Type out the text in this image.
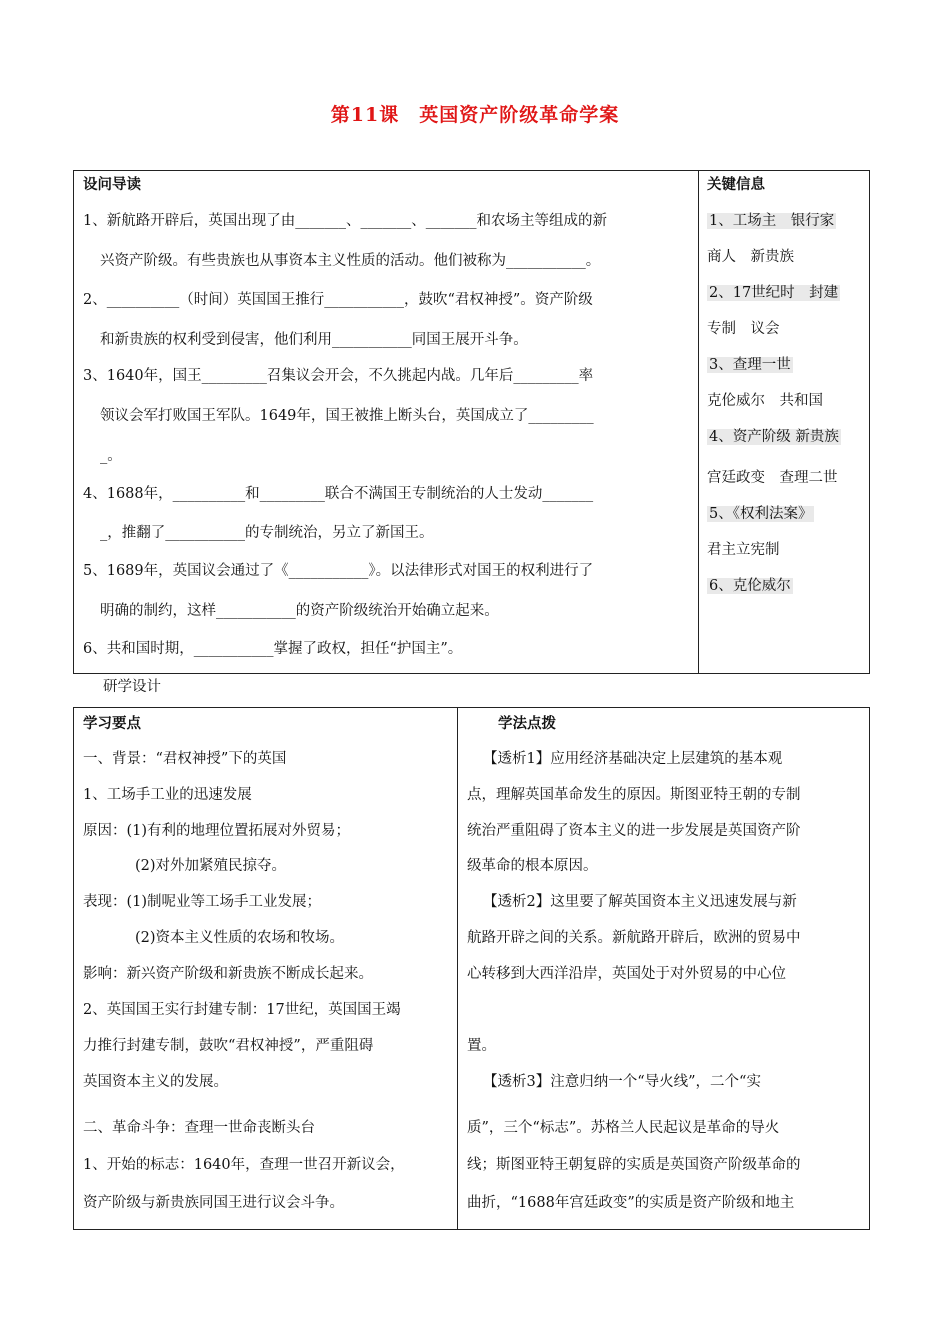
第11课　英国资产阶级革命学案
设问导读
1、新航路开辟后，英国出现了由_______、_______、_______和农场主等组成的新
兴资产阶级。有些贵族也从事资本主义性质的活动。他们被称为___________。
2、__________（时间）英国国王推行___________，鼓吹“君权神授”。资产阶级
和新贵族的权利受到侵害，他们利用___________同国王展开斗争。
3、1640年，国王_________召集议会开会，不久挑起内战。几年后_________率
领议会军打败国王军队。1649年，国王被推上断头台，英国成立了_________
_。
4、1688年，__________和_________联合不满国王专制统治的人士发动_______
_，推翻了___________的专制统治，另立了新国王。
5、1689年，英国议会通过了《___________》。以法律形式对国王的权利进行了
明确的制约，这样___________的资产阶级统治开始确立起来。
6、共和国时期，___________掌握了政权，担任“护国主”。
关键信息
1、工场主　银行家
商人　新贵族
2、17世纪时　封建
专制　议会
3、查理一世
克伦威尔　共和国
4、资产阶级 新贵族
宫廷政变　查理二世
5、《权利法案》
君主立宪制
6、克伦威尔
研学设计
学习要点
一、背景：“君权神授”下的英国
1、工场手工业的迅速发展
原因：(1)有利的地理位置拓展对外贸易；
(2)对外加紧殖民掠夺。
表现：(1)制呢业等工场手工业发展；
(2)资本主义性质的农场和牧场。
影响：新兴资产阶级和新贵族不断成长起来。
2、英国国王实行封建专制：17世纪，英国国王竭
力推行封建专制，鼓吹“君权神授”，严重阻碍
英国资本主义的发展。
二、革命斗争：查理一世命丧断头台
1、开始的标志：1640年，查理一世召开新议会，
资产阶级与新贵族同国王进行议会斗争。
学法点拨
【透析1】应用经济基础决定上层建筑的基本观
点，理解英国革命发生的原因。斯图亚特王朝的专制
统治严重阻碍了资本主义的进一步发展是英国资产阶
级革命的根本原因。
【透析2】这里要了解英国资本主义迅速发展与新
航路开辟之间的关系。新航路开辟后，欧洲的贸易中
心转移到大西洋沿岸，英国处于对外贸易的中心位
置。
【透析3】注意归纳一个“导火线”，二个“实
质”，三个“标志”。苏格兰人民起议是革命的导火
线；斯图亚特王朝复辟的实质是英国资产阶级革命的
曲折，“1688年宫廷政变”的实质是资产阶级和地主
